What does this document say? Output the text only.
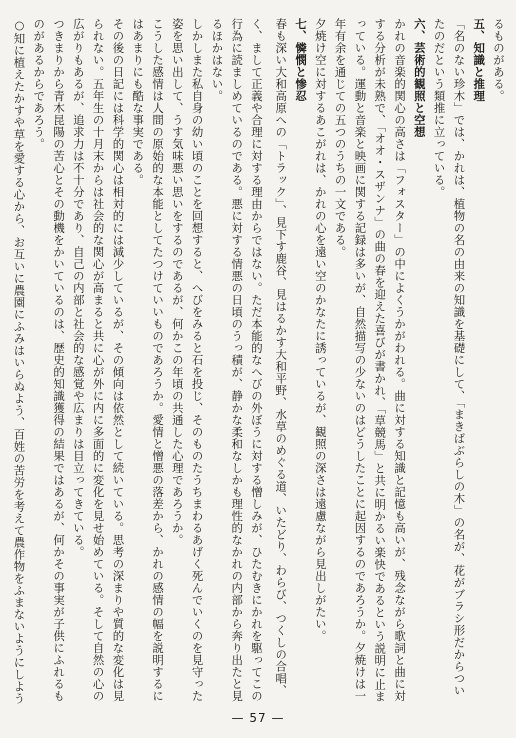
るものがある。

五、知識と推理

「名のない珍木」では、かれは、植物の名の由来の知識を基礎にして、「まきばぶらしの木」の名が、花がブラシ形だからついたのだという類推に立っている。

六、芸術的観照と空想

かれの音楽的関心の高さは「フォスター」の中によくうかがわれる。曲に対する知識と記憶も高いが、残念ながら歌詞と曲に対する分析が未熟で、「オオ・スザンナ」の曲の春を迎えた喜びが書かれ、「草競馬」と共に明かるい楽快であるという説明に止まっている。運動と音楽と映画に関する記録は多いが、自然描写の少ないのはどうしたことに起因するのであろうか。夕焼けは一年有余を通じての五つのうちの一文である。

夕焼け空に対するあこがれは、かれの心を遠い空のかなたに誘っているが、観照の深さは遠慮ながら見出しがたい。

七、憐憫と惨忍

春も深い大和高原への「トラック」、見下す鹿谷、見はるかす大和平野、水草のめぐる道、いたどり、わらび、つくしの合唱、

く、まして正義や合理に対する理由からではない。ただ本能的なへびの外ぼうに対する憎しみが、ひたむきにかれを駆ってこの行為に読ましめているのである。悪に対する情悪の日頃のうっ積が、静かな柔和なしかも理性的なかれの内部から奔り出たと見るほかはない。

しかしまた私自身の幼い頃のことを回想すると、へびをみると石を投じ、そのものたうちまわるあげく死んでいくのを見守った姿を思い出して、うす気味悪い思いをするのであるが、何かこの年頃の共通した心理であろうか。

こうした感情は人間の原始的な本能としてたつけていいものであろうか。愛情と憎悪の落差から、かれの感情の幅を説明するにはあまりにも酷な事実である。

その後の日記には科学的関心は相対的には減少しているが、その傾向は依然として続いている。思考の深まりや質的な変化は見られない。五年生の十月末からは社会的な関心が高まると共に心が外に内に多面的に変化を見せ始めている。そして自然の心の広がりもあるが、追求力は不十分であり、自己の内部と社会的な感覚や広まりは目立ってきている。

つきまりから青木昆陽の苦心とその動機をかいているのは、歴史的知識獲得の結果ではあるが、何かその事実が子供にふれるものがあるからであろう。

○知に植えたかすや草を愛する心から、お互いに農園にふみはいらぬよう、百姓の苦労を考えて農作物をふまないようにしよう

— 57 —
